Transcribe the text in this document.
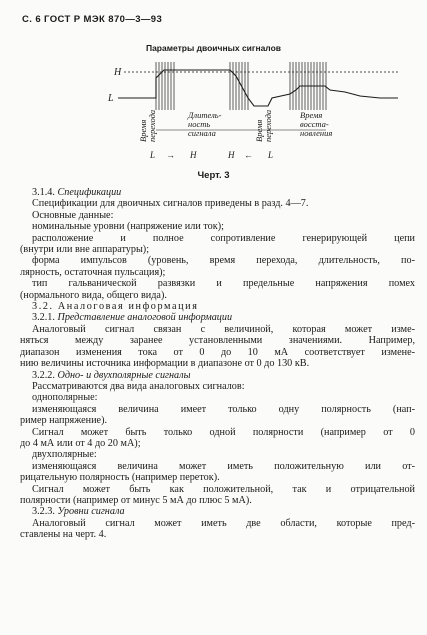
С. 6 ГОСТ Р МЭК 870—3—93
Параметры двоичных сигналов
H
L
Время перехода	Длитель-
ность
сигнала	Время перехода	Время
восста-
новления
L → H	H ← L
Черт. 3
3.1.4. Спецификации
Спецификации для двоичных сигналов приведены в разд. 4—7.
Основные данные:
номинальные уровни (напряжение или ток);
расположение и полное сопротивление генерирующей цепи
(внутри или вне аппаратуры);
форма импульсов (уровень, время перехода, длительность, по-
лярность, остаточная пульсация);
тип гальванической развязки и предельные напряжения помех
(нормального вида, общего вида).
3.2. Аналоговая информация
3.2.1. Представление аналоговой информации
Аналоговый сигнал связан с величиной, которая может изме-
няться между заранее установленными значениями. Например,
диапазон изменения тока от 0 до 10 мА соответствует измене-
нию величины источника информации в диапазоне от 0 до 130 кВ.
3.2.2. Одно- и двухполярные сигналы
Рассматриваются два вида аналоговых сигналов:
однополярные:
изменяющаяся величина имеет только одну полярность (нап-
ример напряжение).
Сигнал может быть только одной полярности (например от 0
до 4 мА или от 4 до 20 мА);
двухполярные:
изменяющаяся величина может иметь положительную или от-
рицательную полярность (например переток).
Сигнал может быть как положительной, так и отрицательной
полярности (например от минус 5 мА до плюс 5 мА).
3.2.3. Уровни сигнала
Аналоговый сигнал может иметь две области, которые пред-
ставлены на черт. 4.
